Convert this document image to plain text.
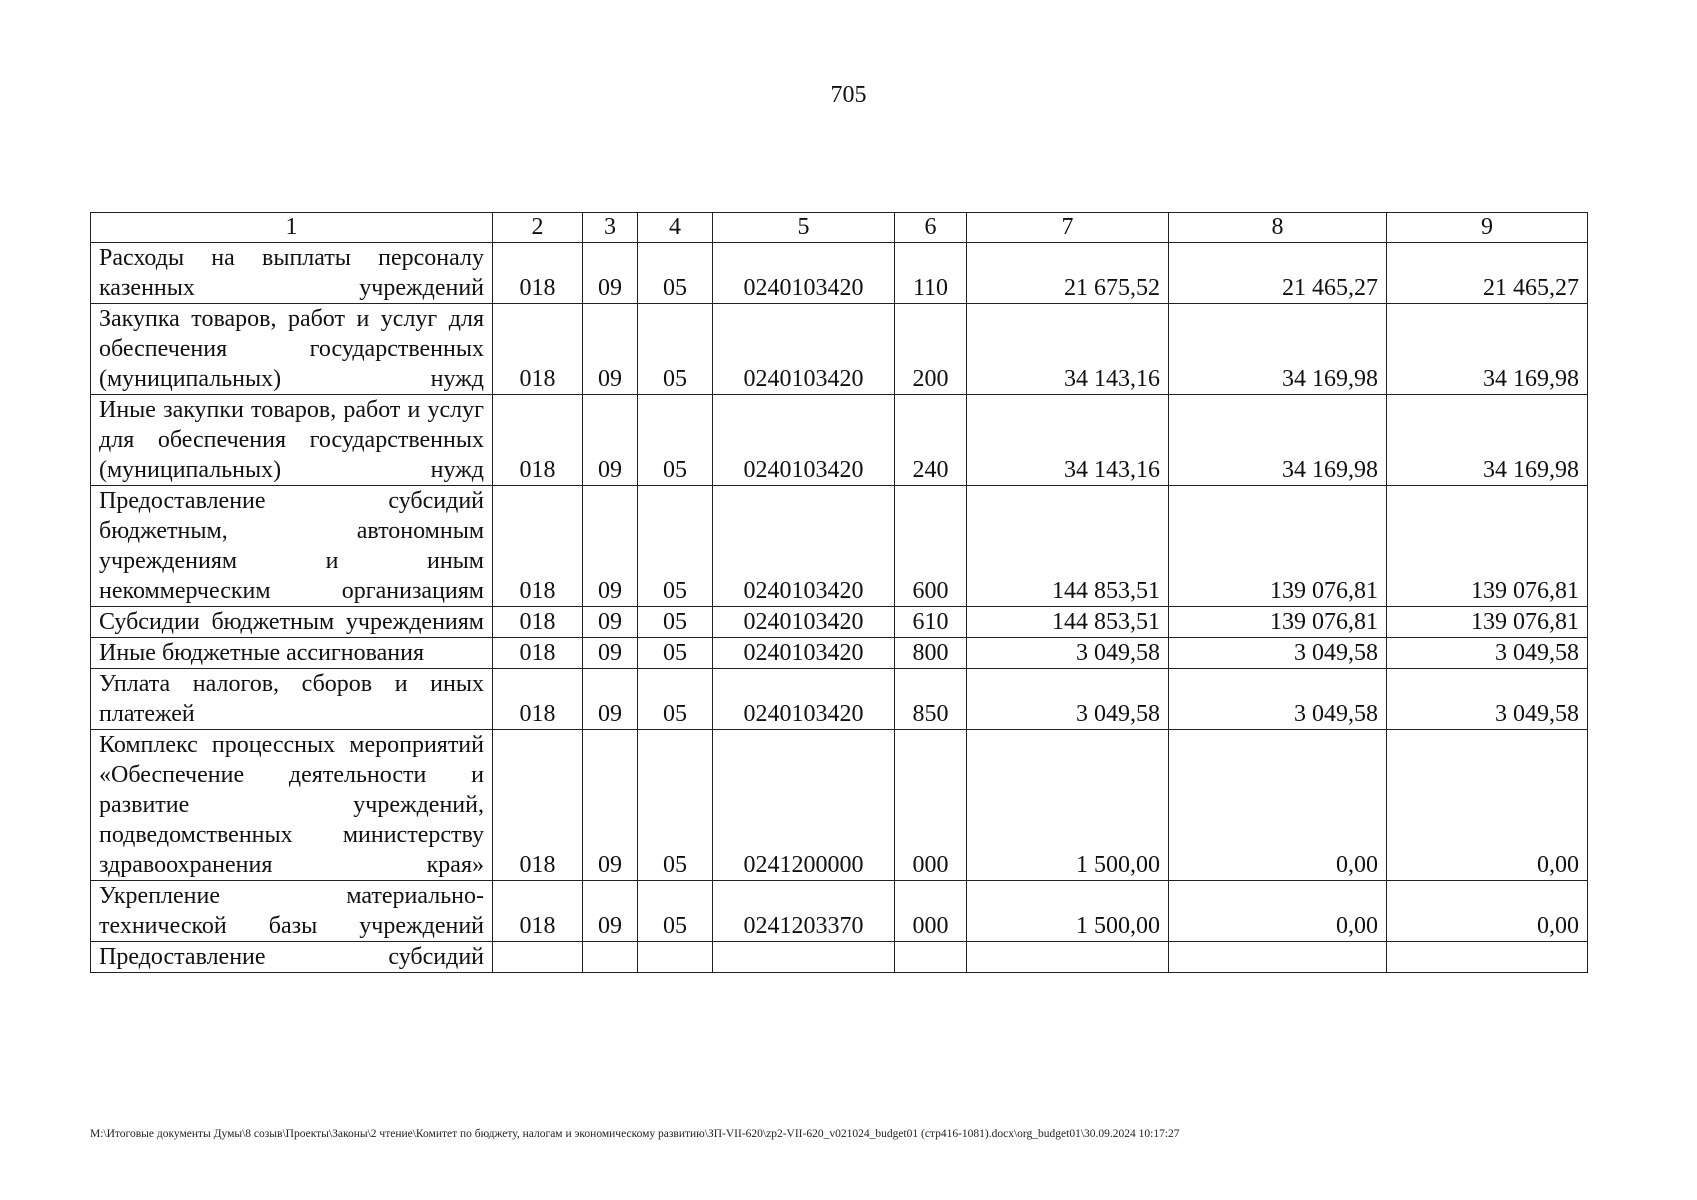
705
1	2	3	4	5	6	7	8	9
Расходы на выплаты персоналу казенных учреждений	018	09	05	0240103420	110	21 675,52	21 465,27	21 465,27
Закупка товаров, работ и услуг для обеспечения государственных (муниципальных) нужд	018	09	05	0240103420	200	34 143,16	34 169,98	34 169,98
Иные закупки товаров, работ и услуг для обеспечения государственных (муниципальных) нужд	018	09	05	0240103420	240	34 143,16	34 169,98	34 169,98
Предоставление субсидий бюджетным, автономным учреждениям и иным некоммерческим организациям	018	09	05	0240103420	600	144 853,51	139 076,81	139 076,81
Субсидии бюджетным учреждениям	018	09	05	0240103420	610	144 853,51	139 076,81	139 076,81
Иные бюджетные ассигнования	018	09	05	0240103420	800	3 049,58	3 049,58	3 049,58
Уплата налогов, сборов и иных платежей	018	09	05	0240103420	850	3 049,58	3 049,58	3 049,58
Комплекс процессных мероприятий «Обеспечение деятельности и развитие учреждений, подведомственных министерству здравоохранения края»	018	09	05	0241200000	000	1 500,00	0,00	0,00
Укрепление материально-технической базы учреждений	018	09	05	0241203370	000	1 500,00	0,00	0,00
Предоставление субсидий								
M:\Итоговые документы Думы\8 созыв\Проекты\Законы\2 чтение\Комитет по бюджету, налогам и экономическому развитию\ЗП-VII-620\zp2-VII-620_v021024_budget01 (стр416-1081).docx\org_budget01\30.09.2024 10:17:27
